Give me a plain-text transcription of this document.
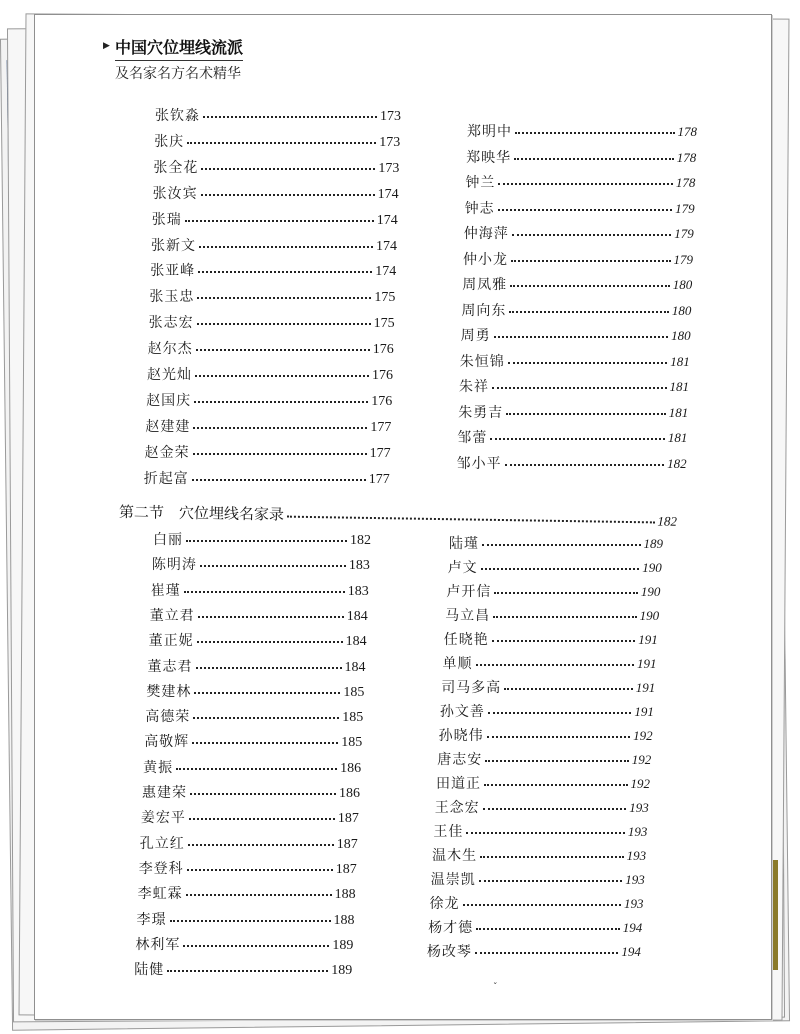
▶ 中国穴位埋线流派
及名家名方名术精华
第二节　穴位埋线名家录	182
张钦淼	173
张庆	173
张全花	173
张汝宾	174
张瑞	174
张新文	174
张亚峰	174
张玉忠	175
张志宏	175
赵尔杰	176
赵光灿	176
赵国庆	176
赵建建	177
赵金荣	177
折起富	177
郑明中	178
郑映华	178
钟兰	178
钟志	179
仲海萍	179
仲小龙	179
周凤雅	180
周向东	180
周勇	180
朱恒锦	181
朱祥	181
朱勇吉	181
邹蕾	181
邹小平	182
白丽	182
陈明涛	183
崔瑾	183
董立君	184
董正妮	184
董志君	184
樊建林	185
高德荣	185
高敬辉	185
黄振	186
惠建荣	186
姜宏平	187
孔立红	187
李登科	187
李虹霖	188
李璟	188
林利军	189
陆健	189
陆瑾	189
卢文	190
卢开信	190
马立昌	190
任晓艳	191
单顺	191
司马多高	191
孙文善	191
孙晓伟	192
唐志安	192
田道正	192
王念宏	193
王佳	193
温木生	193
温崇凯	193
徐龙	193
杨才德	194
杨改琴	194
ˇ
